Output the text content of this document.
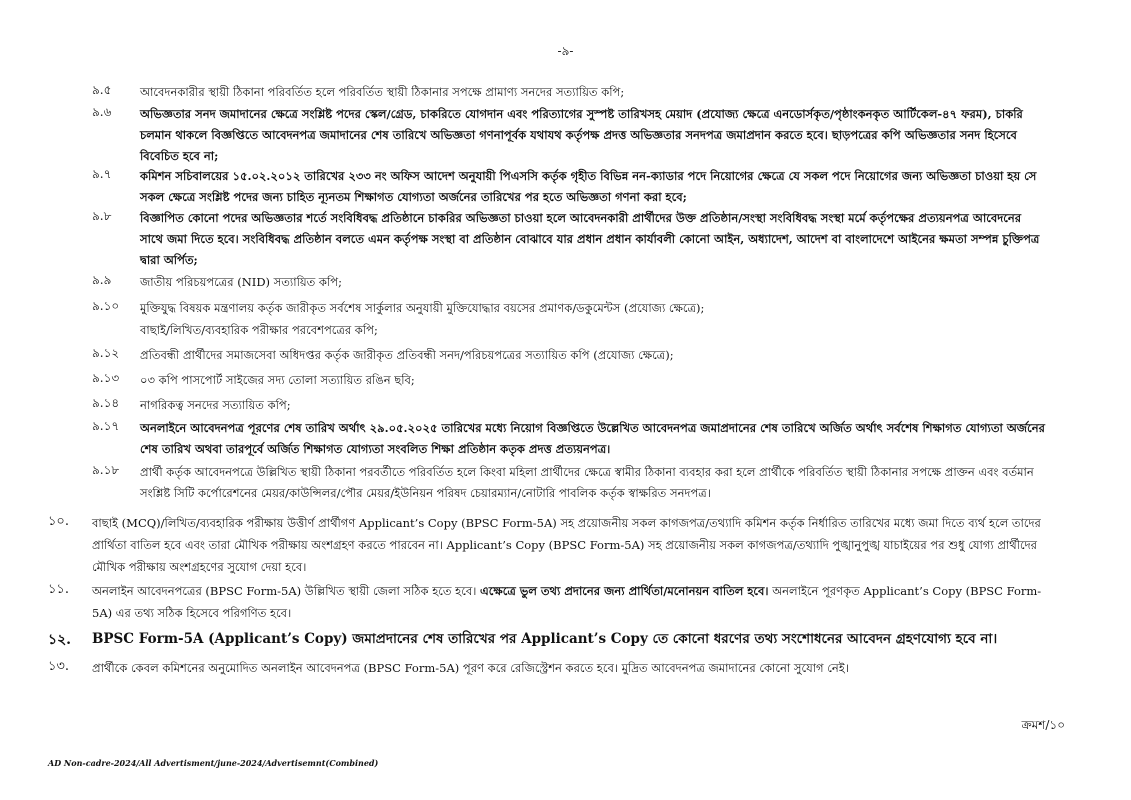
-৯-
৯.৫ আবেদনকারীর স্থায়ী ঠিকানা পরিবর্তিত হলে পরিবর্তিত স্থায়ী ঠিকানার সপক্ষে প্রামাণ্য সনদের সত্যায়িত কপি;
৯.৬ অভিজ্ঞতার সনদ জমাদানের ক্ষেত্রে সংশ্লিষ্ট পদের স্কেল/গ্রেড, চাকরিতে যোগদান এবং পরিত্যাগের সুস্পষ্ট তারিখসহ মেয়াদ (প্রযোজ্য ক্ষেত্রে এনডোর্সকৃত/পৃষ্ঠাংকনকৃত আর্টিকেল-৪৭ ফরম), চাকরি চলমান থাকলে বিজ্ঞপ্তিতে আবেদনপত্র জমাদানের শেষ তারিখে অভিজ্ঞতা গণনাপূর্বক যথাযথ কর্তৃপক্ষ প্রদত্ত অভিজ্ঞতার সনদপত্র জমাপ্রদান করতে হবে। ছাড়পত্রের কপি অভিজ্ঞতার সনদ হিসেবে বিবেচিত হবে না;
৯.৭ কমিশন সচিবালয়ের ১৫.০২.২০১২ তারিখের ২৩৩ নং অফিস আদেশ অনুযায়ী পিএসসি কর্তৃক গৃহীত বিভিন্ন নন-ক্যাডার পদে নিয়োগের ক্ষেত্রে যে সকল পদে নিয়োগের জন্য অভিজ্ঞতা চাওয়া হয় সে সকল ক্ষেত্রে সংশ্লিষ্ট পদের জন্য চাহিত ন্যূনতম শিক্ষাগত যোগ্যতা অর্জনের তারিখের পর হতে অভিজ্ঞতা গণনা করা হবে;
৯.৮ বিজ্ঞাপিত কোনো পদের অভিজ্ঞতার শর্তে সংবিধিবদ্ধ প্রতিষ্ঠানে চাকরির অভিজ্ঞতা চাওয়া হলে আবেদনকারী প্রার্থীদের উক্ত প্রতিষ্ঠান/সংস্থা সংবিধিবদ্ধ সংস্থা মর্মে কর্তৃপক্ষের প্রত্যয়নপত্র আবেদনের সাথে জমা দিতে হবে। সংবিধিবদ্ধ প্রতিষ্ঠান বলতে এমন কর্তৃপক্ষ সংস্থা বা প্রতিষ্ঠান বোঝাবে যার প্রধান প্রধান কার্যাবলী কোনো আইন, অধ্যাদেশ, আদেশ বা বাংলাদেশে আইনের ক্ষমতা সম্পন্ন চুক্তিপত্র দ্বারা অর্পিত;
৯.৯ জাতীয় পরিচয়পত্রের (NID) সত্যায়িত কপি;
৯.১০ মুক্তিযুদ্ধ বিষয়ক মন্ত্রণালয় কর্তৃক জারীকৃত সর্বশেষ সার্কুলার অনুযায়ী মুক্তিযোদ্ধার বয়সের প্রমাণক/ডকুমেন্টস (প্রযোজ্য ক্ষেত্রে);
বাছাই/লিখিত/ব্যবহারিক পরীক্ষার পরবেশপত্রের কপি;
৯.১২ প্রতিবন্ধী প্রার্থীদের সমাজসেবা অধিদপ্তর কর্তৃক জারীকৃত প্রতিবন্ধী সনদ/পরিচয়পত্রের সত্যায়িত কপি (প্রযোজ্য ক্ষেত্রে);
৯.১৩ ০৩ কপি পাসপোর্ট সাইজের সদ্য তোলা সত্যায়িত রঙিন ছবি;
৯.১৪ নাগরিকত্ব সনদের সত্যায়িত কপি;
৯.১৭ অনলাইনে আবেদনপত্র পূরণের শেষ তারিখ অর্থাৎ ২৯.০৫.২০২৫ তারিখের মধ্যে নিয়োগ বিজ্ঞপ্তিতে উল্লেখিত আবেদনপত্র জমাপ্রদানের শেষ তারিখে অর্জিত অর্থাৎ সর্বশেষ শিক্ষাগত যোগ্যতা অর্জনের শেষ তারিখ অথবা তারপূর্বে অর্জিত শিক্ষাগত যোগ্যতা সংবলিত শিক্ষা প্রতিষ্ঠান কতৃক প্রদত্ত প্রত্যয়নপত্র।
৯.১৮ প্রার্থী কর্তৃক আবেদনপত্রে উল্লিখিত স্থায়ী ঠিকানা পরবর্তীতে পরিবর্তিত হলে কিংবা মহিলা প্রার্থীদের ক্ষেত্রে স্বামীর ঠিকানা ব্যবহার করা হলে প্রার্থীকে পরিবর্তিত স্থায়ী ঠিকানার সপক্ষে প্রাক্তন এবং বর্তমান সংশ্লিষ্ট সিটি কর্পোরেশনের মেয়র/কাউন্সিলর/পৌর মেয়র/ইউনিয়ন পরিষদ চেয়ারম্যান/নোটারি পাবলিক কর্তৃক স্বাক্ষরিত সনদপত্র।
১০. বাছাই (MCQ)/লিখিত/ব্যবহারিক পরীক্ষায় উত্তীর্ণ প্রার্থীগণ Applicant’s Copy (BPSC Form-5A) সহ প্রয়োজনীয় সকল কাগজপত্র/তথ্যাদি কমিশন কর্তৃক নির্ধারিত তারিখের মধ্যে জমা দিতে ব্যর্থ হলে তাদের প্রার্থিতা বাতিল হবে এবং তারা মৌখিক পরীক্ষায় অংশগ্রহণ করতে পারবেন না। Applicant’s Copy (BPSC Form-5A) সহ প্রয়োজনীয় সকল কাগজপত্র/তথ্যাদি পুঙ্খানুপুঙ্খ যাচাইয়ের পর শুধু যোগ্য প্রার্থীদের মৌখিক পরীক্ষায় অংশগ্রহণের সুযোগ দেয়া হবে।
১১. অনলাইন আবেদনপত্রের (BPSC Form-5A) উল্লিখিত স্থায়ী জেলা সঠিক হতে হবে। এক্ষেত্রে ভুল তথ্য প্রদানের জন্য প্রার্থিতা/মনোনয়ন বাতিল হবে। অনলাইনে পূরণকৃত Applicant’s Copy (BPSC Form-5A) এর তথ্য সঠিক হিসেবে পরিগণিত হবে।
১২. BPSC Form-5A (Applicant’s Copy) জমাপ্রদানের শেষ তারিখের পর Applicant’s Copy তে কোনো ধরণের তথ্য সংশোধনের আবেদন গ্রহণযোগ্য হবে না।
১৩. প্রার্থীকে কেবল কমিশনের অনুমোদিত অনলাইন আবেদনপত্র (BPSC Form-5A) পূরণ করে রেজিস্ট্রেশন করতে হবে। মুদ্রিত আবেদনপত্র জমাদানের কোনো সুযোগ নেই।
ক্রমশ/১০
AD Non-cadre-2024/All Advertisment/june-2024/Advertisemnt(Combined)
